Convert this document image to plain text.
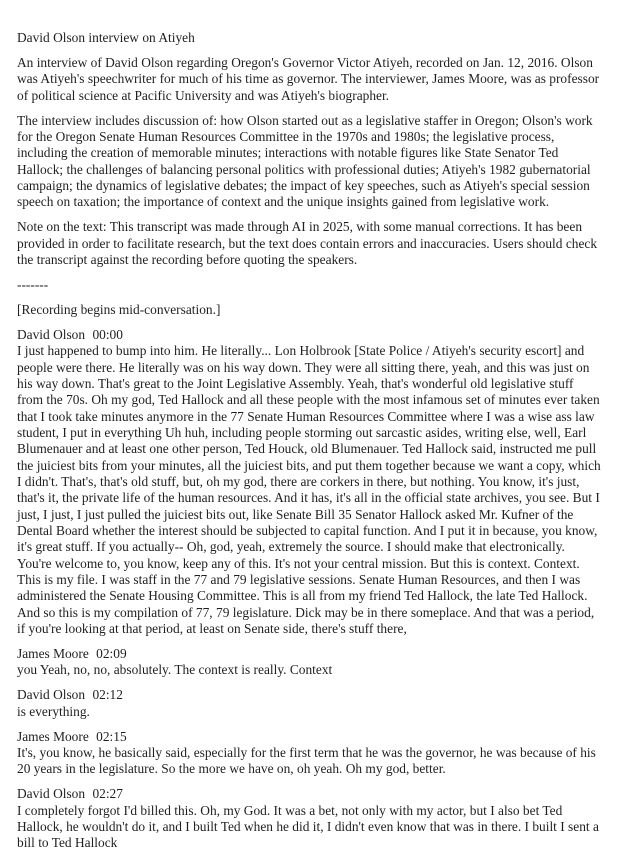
David Olson interview on Atiyeh

An interview of David Olson regarding Oregon's Governor Victor Atiyeh, recorded on Jan. 12, 2016. Olson was Atiyeh's speechwriter for much of his time as governor. The interviewer, James Moore, was as professor of political science at Pacific University and was Atiyeh's biographer.

The interview includes discussion of: how Olson started out as a legislative staffer in Oregon; Olson's work for the Oregon Senate Human Resources Committee in the 1970s and 1980s; the legislative process, including the creation of memorable minutes; interactions with notable figures like State Senator Ted Hallock; the challenges of balancing personal politics with professional duties; Atiyeh's 1982 gubernatorial campaign; the dynamics of legislative debates; the impact of key speeches, such as Atiyeh's special session speech on taxation; the importance of context and the unique insights gained from legislative work.

Note on the text: This transcript was made through AI in 2025, with some manual corrections. It has been provided in order to facilitate research, but the text does contain errors and inaccuracies. Users should check the transcript against the recording before quoting the speakers.

-------

[Recording begins mid-conversation.]

David Olson 00:00
I just happened to bump into him. He literally... Lon Holbrook [State Police / Atiyeh's security escort] and people were there. He literally was on his way down. They were all sitting there, yeah, and this was just on his way down. That's great to the Joint Legislative Assembly. Yeah, that's wonderful old legislative stuff from the 70s. Oh my god, Ted Hallock and all these people with the most infamous set of minutes ever taken that I took take minutes anymore in the 77 Senate Human Resources Committee where I was a wise ass law student, I put in everything Uh huh, including people storming out sarcastic asides, writing else, well, Earl Blumenauer and at least one other person, Ted Houck, old Blumenauer. Ted Hallock said, instructed me pull the juiciest bits from your minutes, all the juiciest bits, and put them together because we want a copy, which I didn't. That's, that's old stuff, but, oh my god, there are corkers in there, but nothing. You know, it's just, that's it, the private life of the human resources. And it has, it's all in the official state archives, you see. But I just, I just, I just pulled the juiciest bits out, like Senate Bill 35 Senator Hallock asked Mr. Kufner of the Dental Board whether the interest should be subjected to capital function. And I put it in because, you know, it's great stuff. If you actually-- Oh, god, yeah, extremely the source. I should make that electronically. You're welcome to, you know, keep any of this. It's not your central mission. But this is context. Context. This is my file. I was staff in the 77 and 79 legislative sessions. Senate Human Resources, and then I was administered the Senate Housing Committee. This is all from my friend Ted Hallock, the late Ted Hallock. And so this is my compilation of 77, 79 legislature. Dick may be in there someplace. And that was a period, if you're looking at that period, at least on Senate side, there's stuff there,
James Moore 02:09
you Yeah, no, no, absolutely. The context is really. Context
David Olson 02:12
is everything.
James Moore 02:15
It's, you know, he basically said, especially for the first term that he was the governor, he was because of his 20 years in the legislature. So the more we have on, oh yeah. Oh my god, better.
David Olson 02:27
I completely forgot I'd billed this. Oh, my God. It was a bet, not only with my actor, but I also bet Ted Hallock, he wouldn't do it, and I built Ted when he did it, I didn't even know that was in there. I built I sent a bill to Ted Hallock
